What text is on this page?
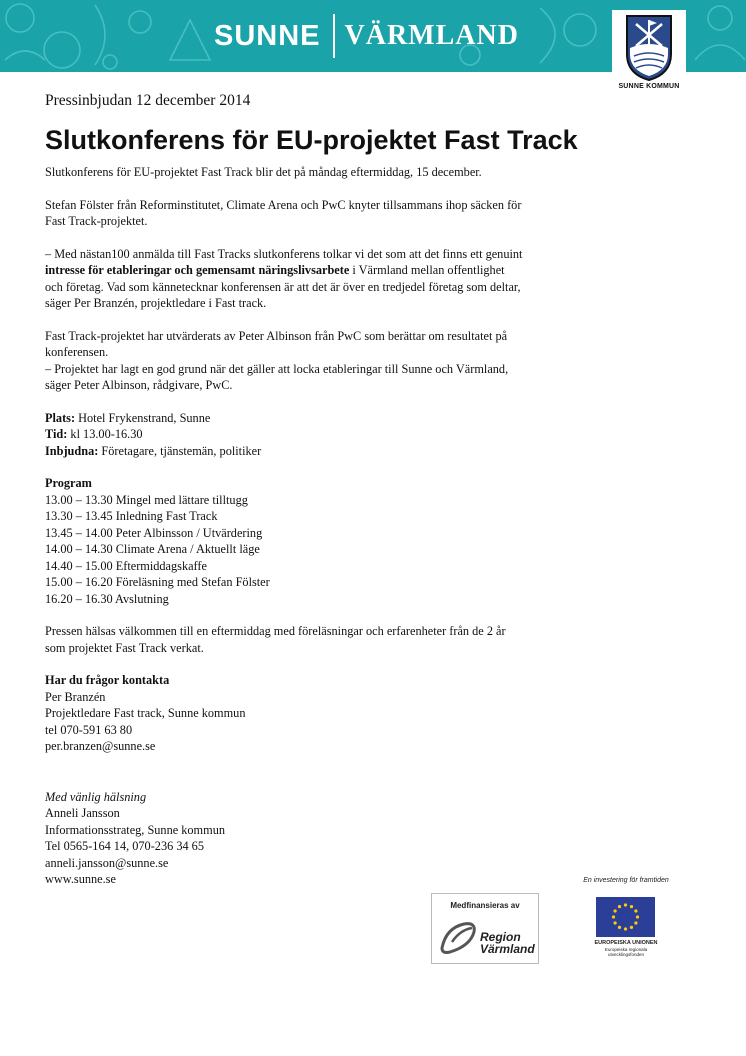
SUNNE VÄRMLAND
SUNNE KOMMUN
Pressinbjudan 12 december 2014
Slutkonferens för EU-projektet Fast Track

Slutkonferens för EU-projektet Fast Track blir det på måndag eftermiddag, 15 december.

Stefan Fölster från Reforminstitutet, Climate Arena och PwC knyter tillsammans ihop säcken för
Fast Track-projektet.

– Med nästan100 anmälda till Fast Tracks slutkonferens tolkar vi det som att det finns ett genuint
intresse för etableringar och gemensamt näringslivsarbete i Värmland mellan offentlighet
och företag. Vad som kännetecknar konferensen är att det är över en tredjedel företag som deltar,
säger Per Branzén, projektledare i Fast track.

Fast Track-projektet har utvärderats av Peter Albinson från PwC som berättar om resultatet på
konferensen.
– Projektet har lagt en god grund när det gäller att locka etableringar till Sunne och Värmland,
säger Peter Albinson, rådgivare, PwC.

Plats: Hotel Frykenstrand, Sunne
Tid: kl 13.00-16.30
Inbjudna: Företagare, tjänstemän, politiker

Program
13.00 – 13.30 Mingel med lättare tilltugg
13.30 – 13.45 Inledning Fast Track
13.45 – 14.00 Peter Albinsson / Utvärdering
14.00 – 14.30 Climate Arena / Aktuellt läge
14.40 – 15.00 Eftermiddagskaffe
15.00 – 16.20 Föreläsning med Stefan Fölster
16.20 – 16.30 Avslutning

Pressen hälsas välkommen till en eftermiddag med föreläsningar och erfarenheter från de 2 år
som projektet Fast Track verkat.

Har du frågor kontakta
Per Branzén
Projektledare Fast track, Sunne kommun
tel 070-591 63 80
per.branzen@sunne.se

Med vänlig hälsning
Anneli Jansson
Informationsstrateg, Sunne kommun
Tel 0565-164 14, 070-236 34 65
anneli.jansson@sunne.se
www.sunne.se

Medfinansieras av
Region
Värmland
En investering för framtiden
EUROPEISKA UNIONEN
Europeiska regionala
utvecklingsfonden
